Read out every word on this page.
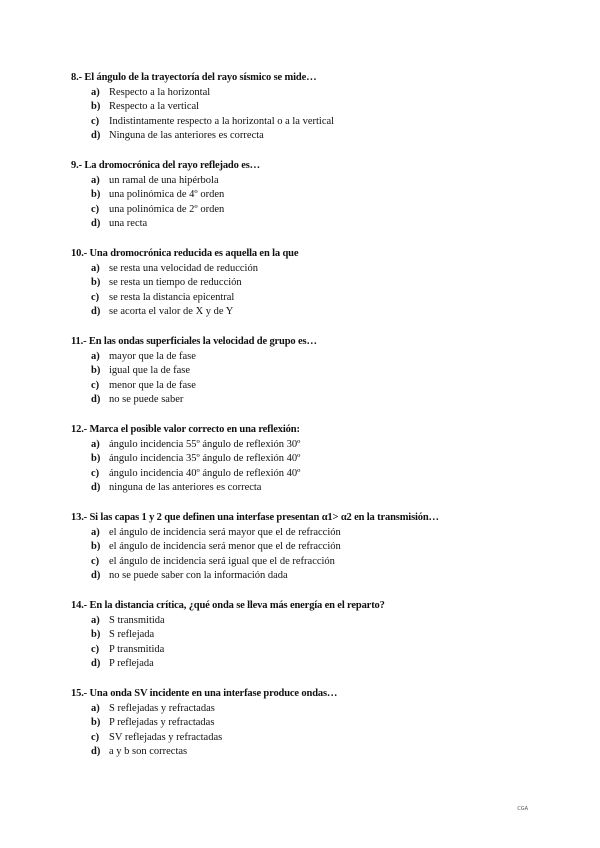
8.- El ángulo de la trayectoría del rayo sísmico se mide…
a) Respecto a la horizontal
b) Respecto a la vertical
c) Indistintamente respecto a la horizontal o a la vertical
d) Ninguna de las anteriores es correcta
9.- La dromocrónica del rayo reflejado es…
a) un ramal de una hipérbola
b) una polinómica de 4º orden
c) una polinómica de 2º orden
d) una recta
10.- Una dromocrónica reducida es aquella en la que
a) se resta una velocidad de reducción
b) se resta un tiempo de reducción
c) se resta la distancia epicentral
d) se acorta el valor de X y de Y
11.- En las ondas superficiales la velocidad de grupo es…
a) mayor que la de fase
b) igual que la de fase
c) menor que la de fase
d) no se puede saber
12.- Marca el posible valor correcto en una reflexión:
a) ángulo incidencia 55º ángulo de reflexión 30º
b) ángulo incidencia 35º ángulo de reflexión 40º
c) ángulo incidencia 40º ángulo de reflexión 40º
d) ninguna de las anteriores es correcta
13.- Si las capas 1 y 2 que definen una interfase presentan α1> α2 en la transmisión…
a) el ángulo de incidencia será mayor que el de refracción
b) el ángulo de incidencia será menor que el de refracción
c) el ángulo de incidencia será igual que el de refracción
d) no se puede saber con la información dada
14.- En la distancia crítica, ¿qué onda se lleva más energía en el reparto?
a) S transmitida
b) S reflejada
c) P transmitida
d) P reflejada
15.- Una onda SV incidente en una interfase produce ondas…
a) S reflejadas y refractadas
b) P reflejadas y refractadas
c) SV reflejadas y refractadas
d) a y b son correctas
CGA
